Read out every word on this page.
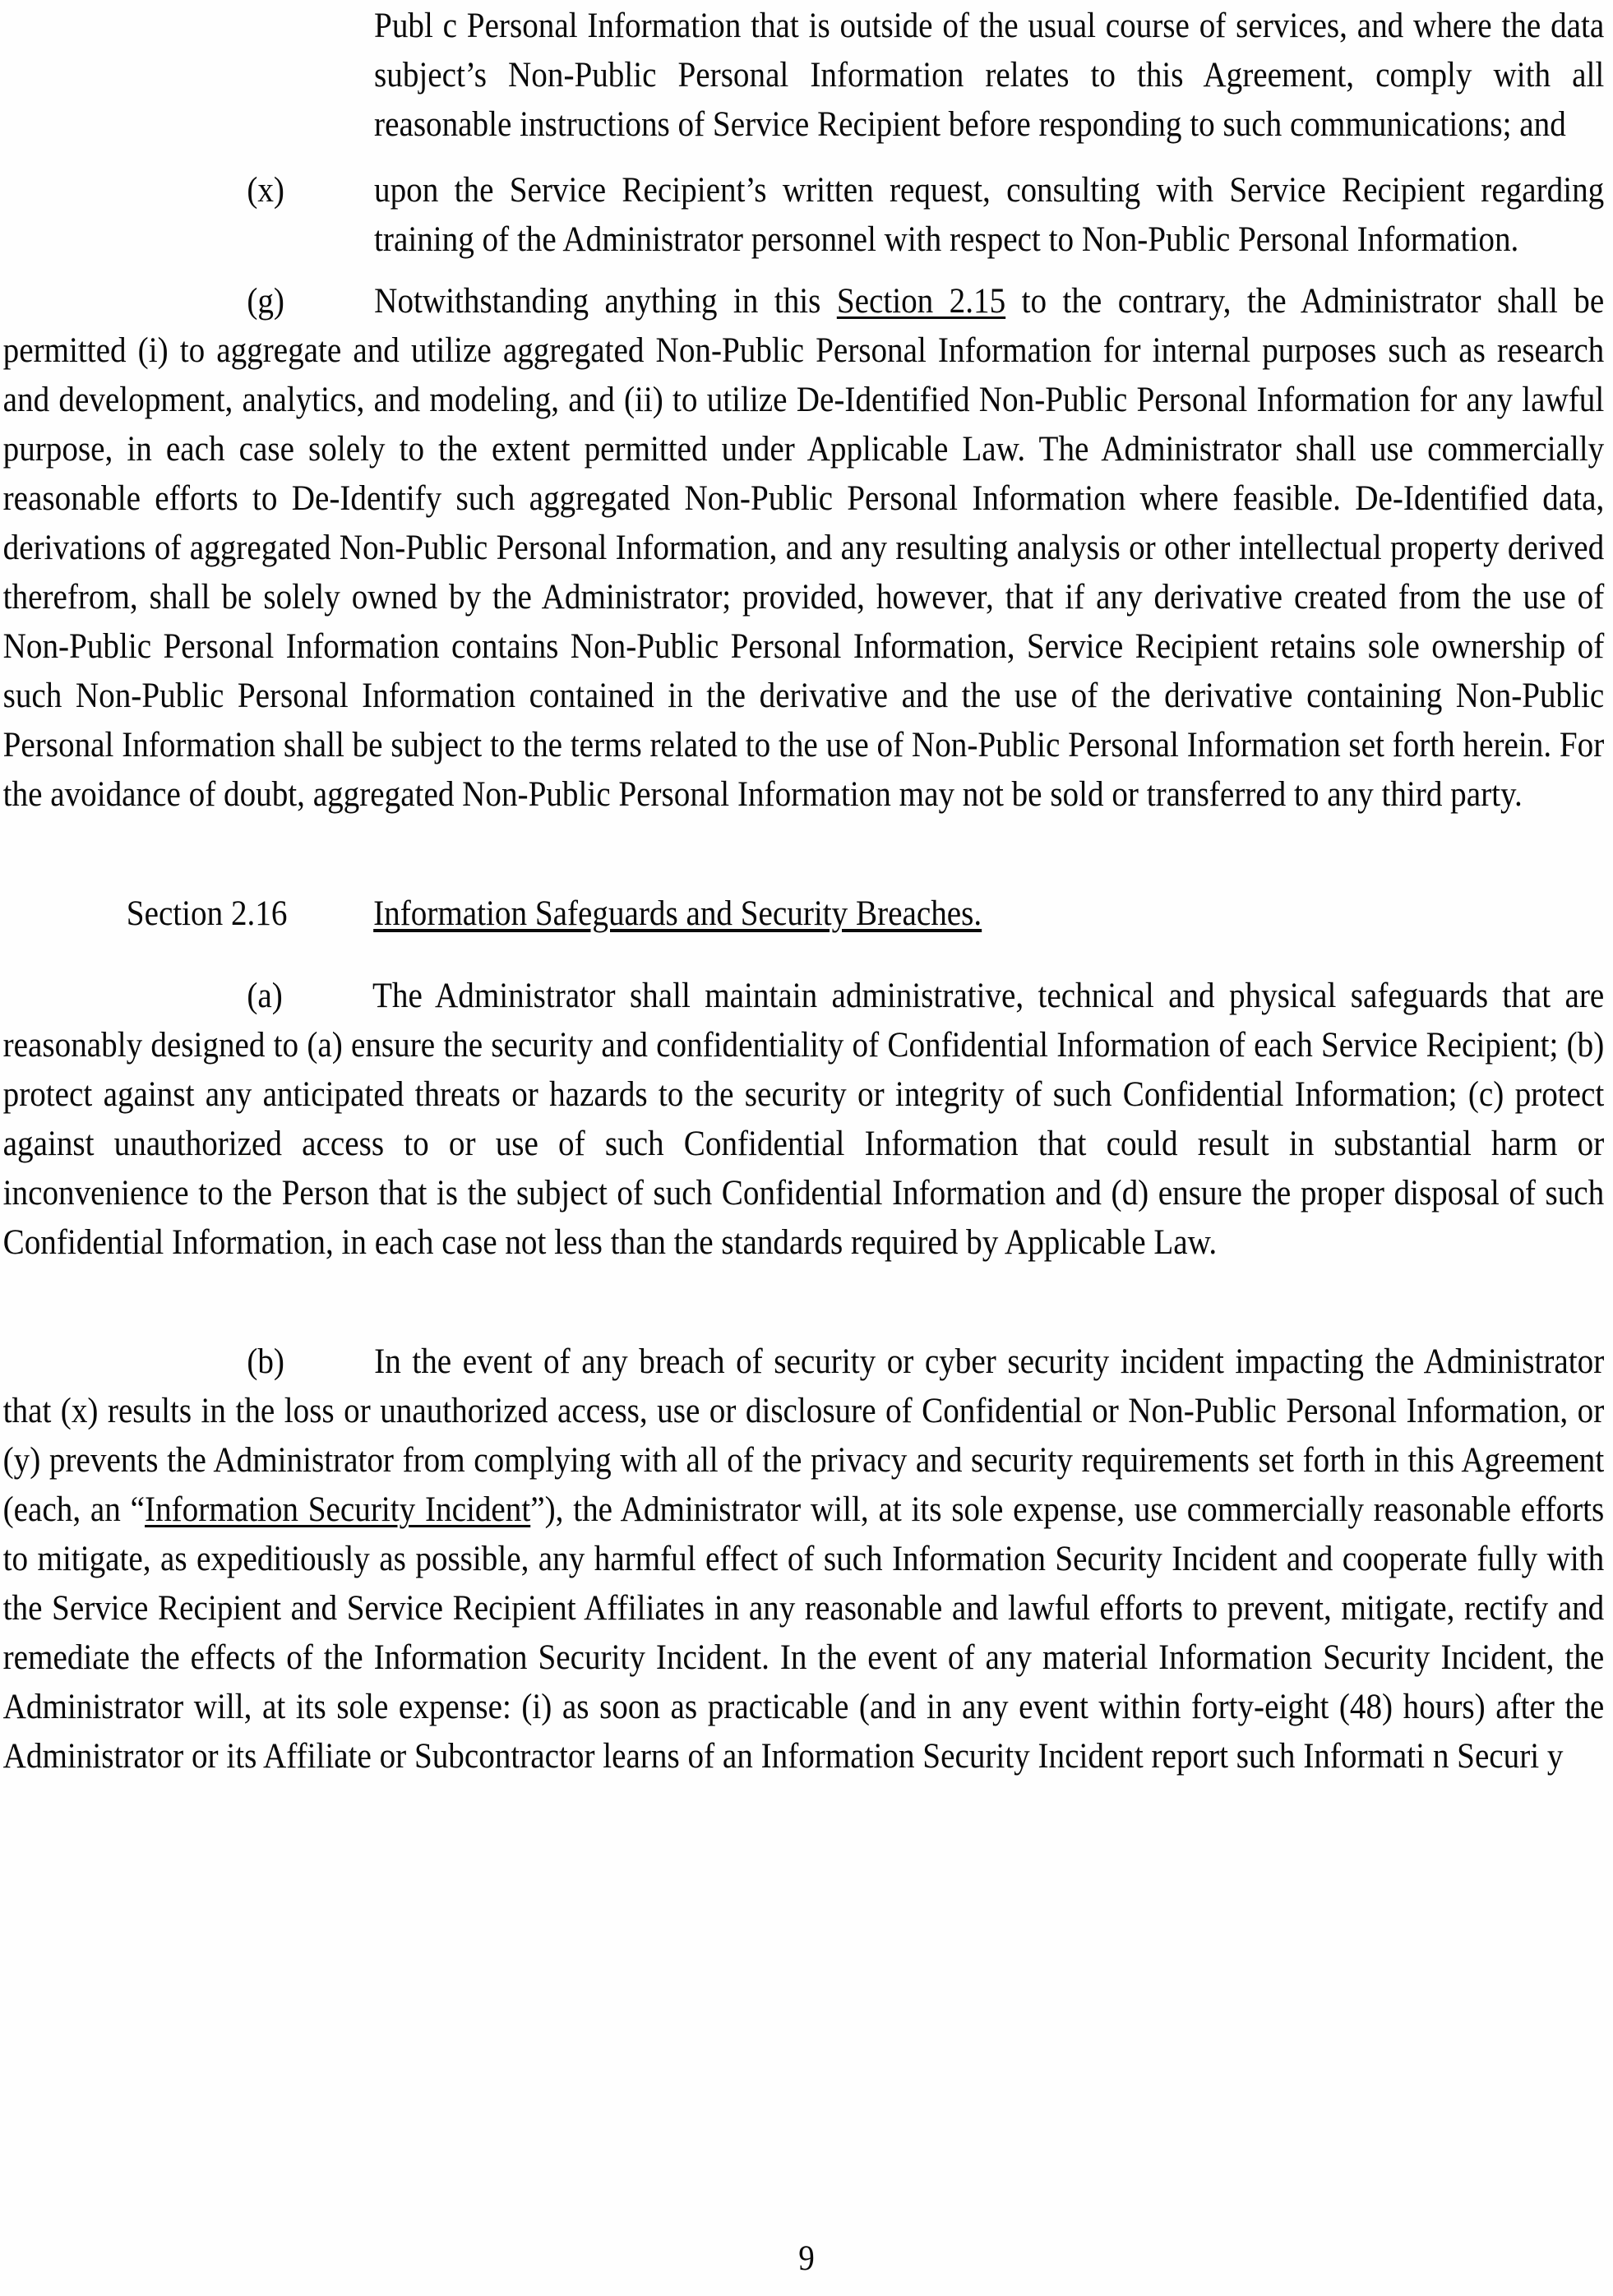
Publ c Personal Information that is outside of the usual course of services, and where the data subject’s Non-Public Personal Information relates to this Agreement, comply with all reasonable instructions of Service Recipient before responding to such communications; and

(x)	upon the Service Recipient’s written request, consulting with Service Recipient regarding training of the Administrator personnel with respect to Non-Public Personal Information.

(g)	Notwithstanding anything in this Section 2.15 to the contrary, the Administrator shall be permitted (i) to aggregate and utilize aggregated Non-Public Personal Information for internal purposes such as research and development, analytics, and modeling, and (ii) to utilize De-Identified Non-Public Personal Information for any lawful purpose, in each case solely to the extent permitted under Applicable Law. The Administrator shall use commercially reasonable efforts to De-Identify such aggregated Non-Public Personal Information where feasible. De-Identified data, derivations of aggregated Non-Public Personal Information, and any resulting analysis or other intellectual property derived therefrom, shall be solely owned by the Administrator; provided, however, that if any derivative created from the use of Non-Public Personal Information contains Non-Public Personal Information, Service Recipient retains sole ownership of such Non-Public Personal Information contained in the derivative and the use of the derivative containing Non-Public Personal Information shall be subject to the terms related to the use of Non-Public Personal Information set forth herein. For the avoidance of doubt, aggregated Non-Public Personal Information may not be sold or transferred to any third party.

Section 2.16 Information Safeguards and Security Breaches.

(a)	The Administrator shall maintain administrative, technical and physical safeguards that are reasonably designed to (a) ensure the security and confidentiality of Confidential Information of each Service Recipient; (b) protect against any anticipated threats or hazards to the security or integrity of such Confidential Information; (c) protect against unauthorized access to or use of such Confidential Information that could result in substantial harm or inconvenience to the Person that is the subject of such Confidential Information and (d) ensure the proper disposal of such Confidential Information, in each case not less than the standards required by Applicable Law.

(b)	In the event of any breach of security or cyber security incident impacting the Administrator that (x) results in the loss or unauthorized access, use or disclosure of Confidential or Non-Public Personal Information, or (y) prevents the Administrator from complying with all of the privacy and security requirements set forth in this Agreement (each, an “Information Security Incident”), the Administrator will, at its sole expense, use commercially reasonable efforts to mitigate, as expeditiously as possible, any harmful effect of such Information Security Incident and cooperate fully with the Service Recipient and Service Recipient Affiliates in any reasonable and lawful efforts to prevent, mitigate, rectify and remediate the effects of the Information Security Incident. In the event of any material Information Security Incident, the Administrator will, at its sole expense: (i) as soon as practicable (and in any event within forty-eight (48) hours) after the Administrator or its Affiliate or Subcontractor learns of an Information Security Incident report such Informati n Securi y

9
